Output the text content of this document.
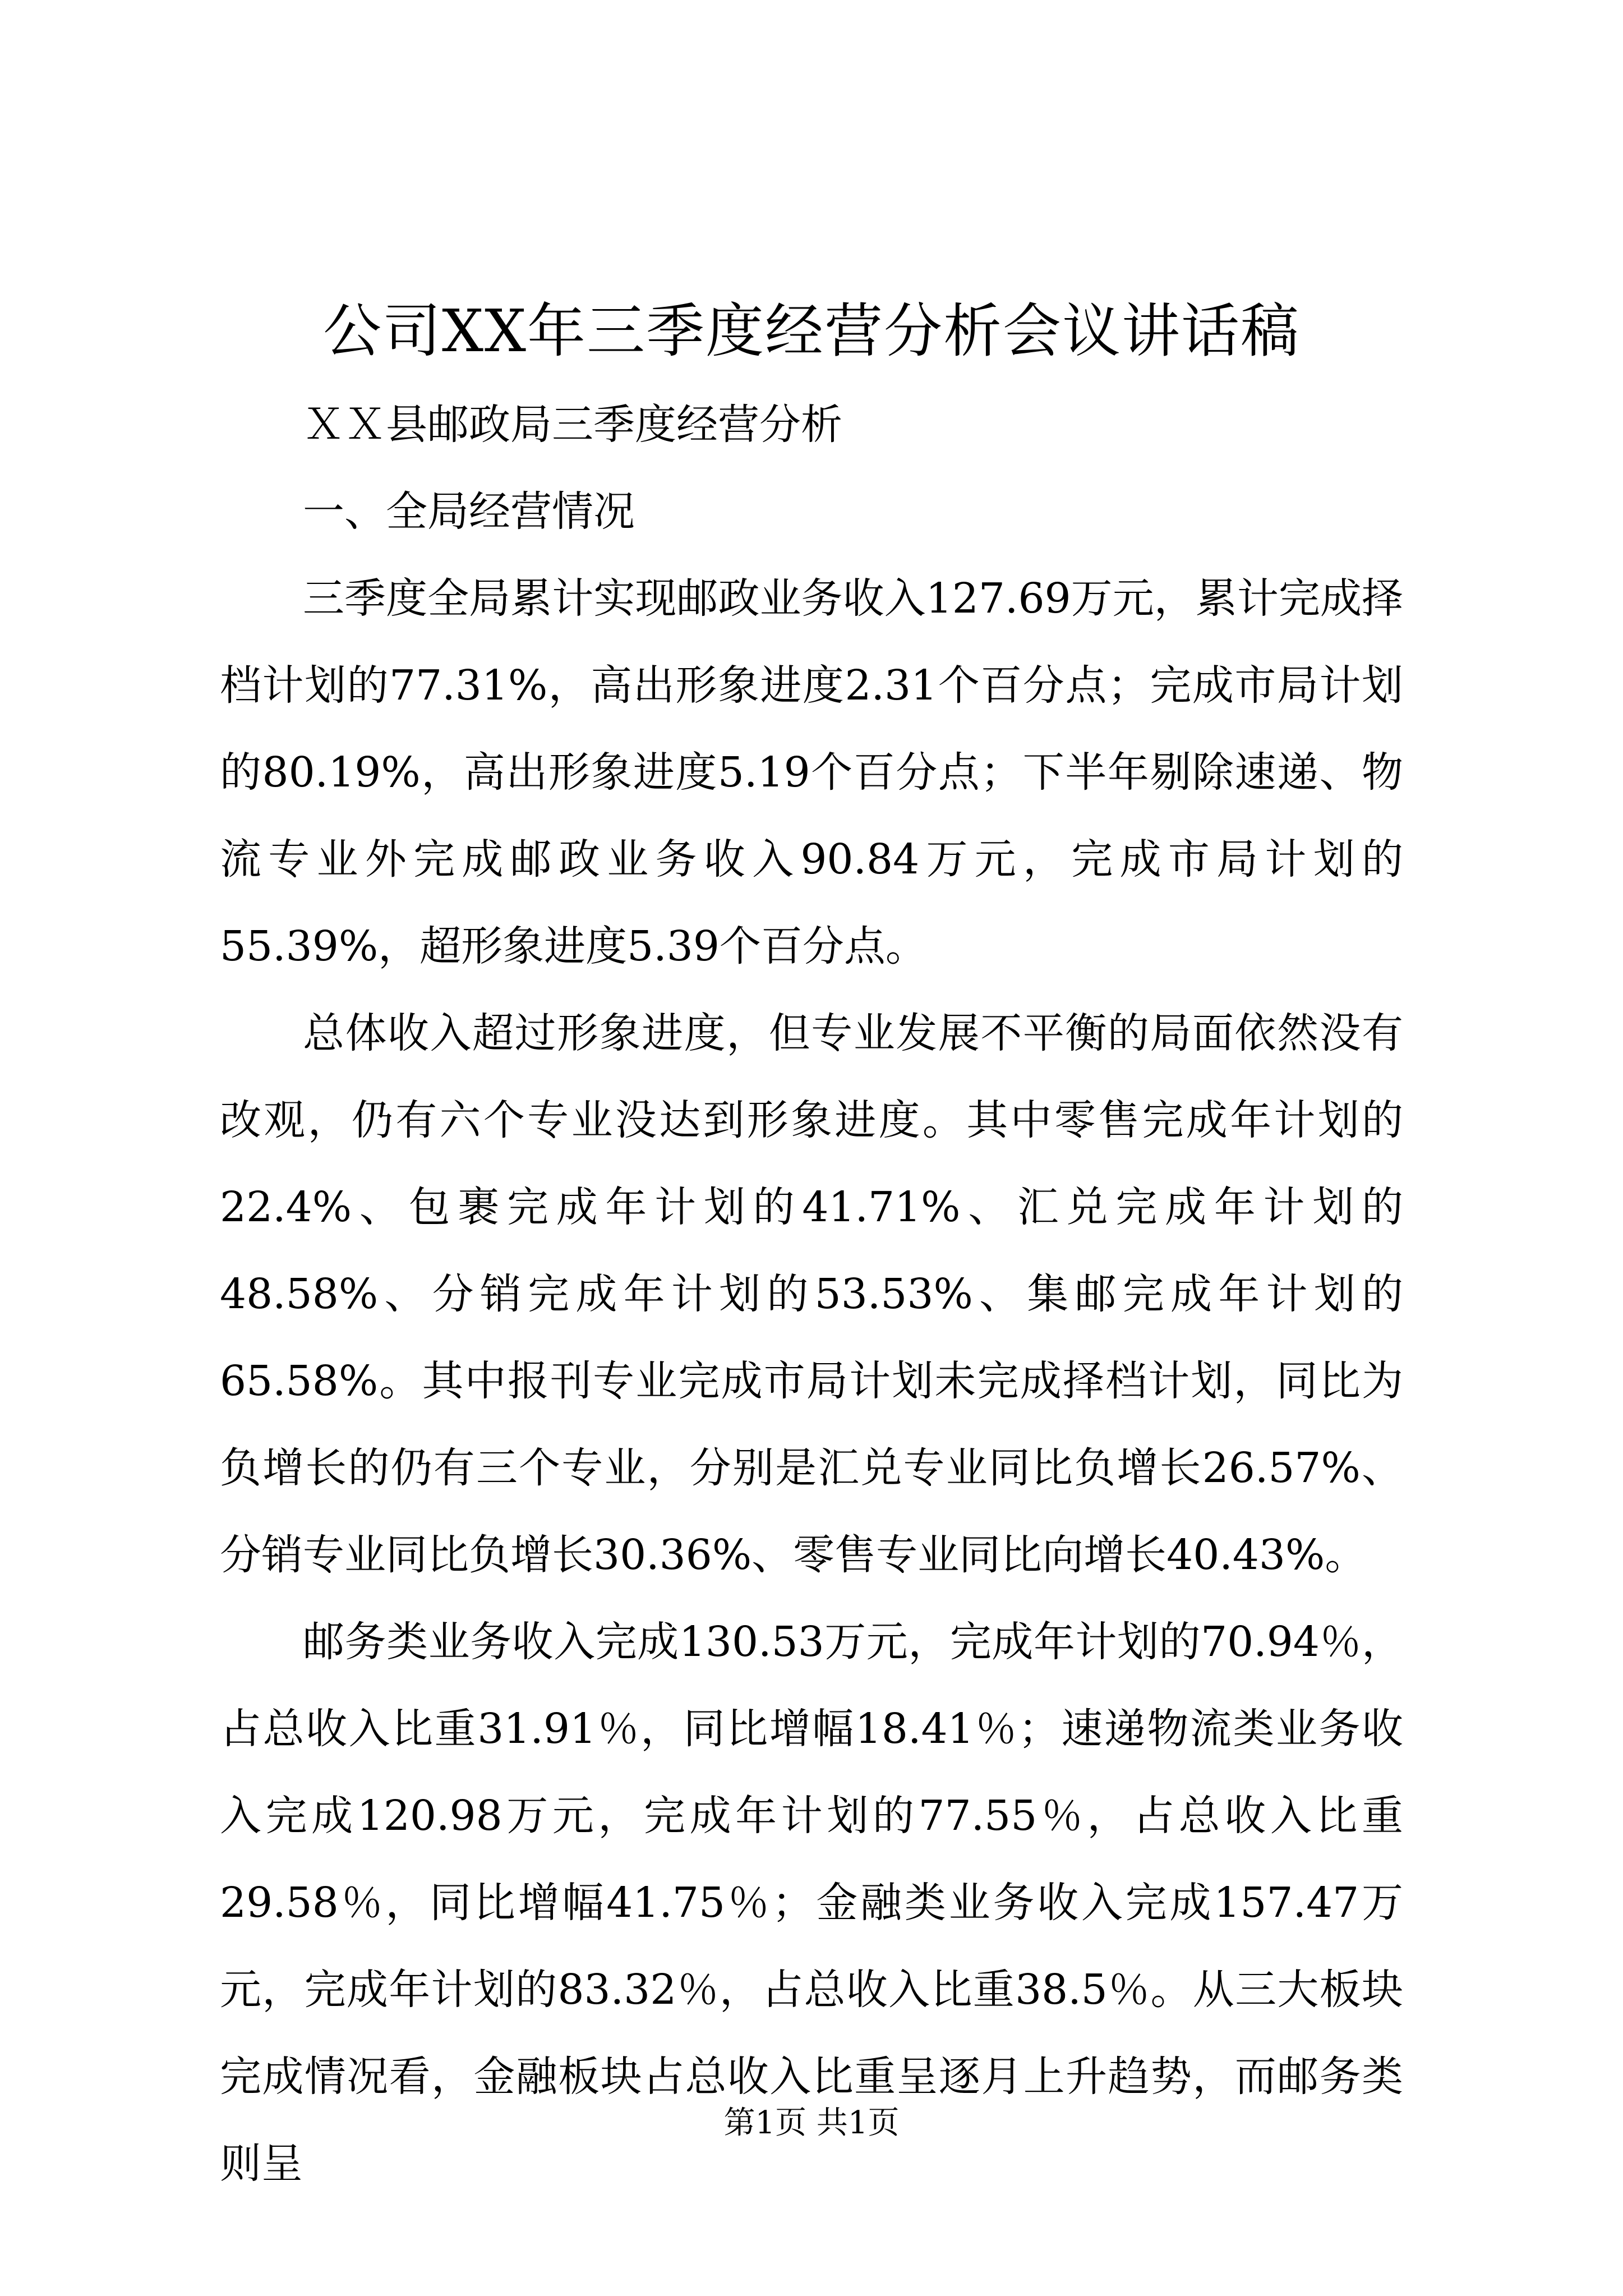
公司XX年三季度经营分析会议讲话稿

ＸＸ县邮政局三季度经营分析

一、全局经营情况

三季度全局累计实现邮政业务收入127.69万元，累计完成择档计划的77.31%，高出形象进度2.31个百分点；完成市局计划的80.19%，高出形象进度5.19个百分点；下半年剔除速递、物流专业外完成邮政业务收入90.84万元，完成市局计划的55.39%，超形象进度5.39个百分点。

总体收入超过形象进度，但专业发展不平衡的局面依然没有改观，仍有六个专业没达到形象进度。其中零售完成年计划的22.4%、包裹完成年计划的41.71%、汇兑完成年计划的48.58%、分销完成年计划的53.53%、集邮完成年计划的65.58%。其中报刊专业完成市局计划未完成择档计划，同比为负增长的仍有三个专业，分别是汇兑专业同比负增长26.57%、分销专业同比负增长30.36%、零售专业同比向增长40.43%。

邮务类业务收入完成130.53万元，完成年计划的70.94％，占总收入比重31.91％，同比增幅18.41％；速递物流类业务收入完成120.98万元，完成年计划的77.55％，占总收入比重29.58％，同比增幅41.75％；金融类业务收入完成157.47万元，完成年计划的83.32％，占总收入比重38.5％。从三大板块完成情况看，金融板块占总收入比重呈逐月上升趋势，而邮务类则呈

第1页 共1页
